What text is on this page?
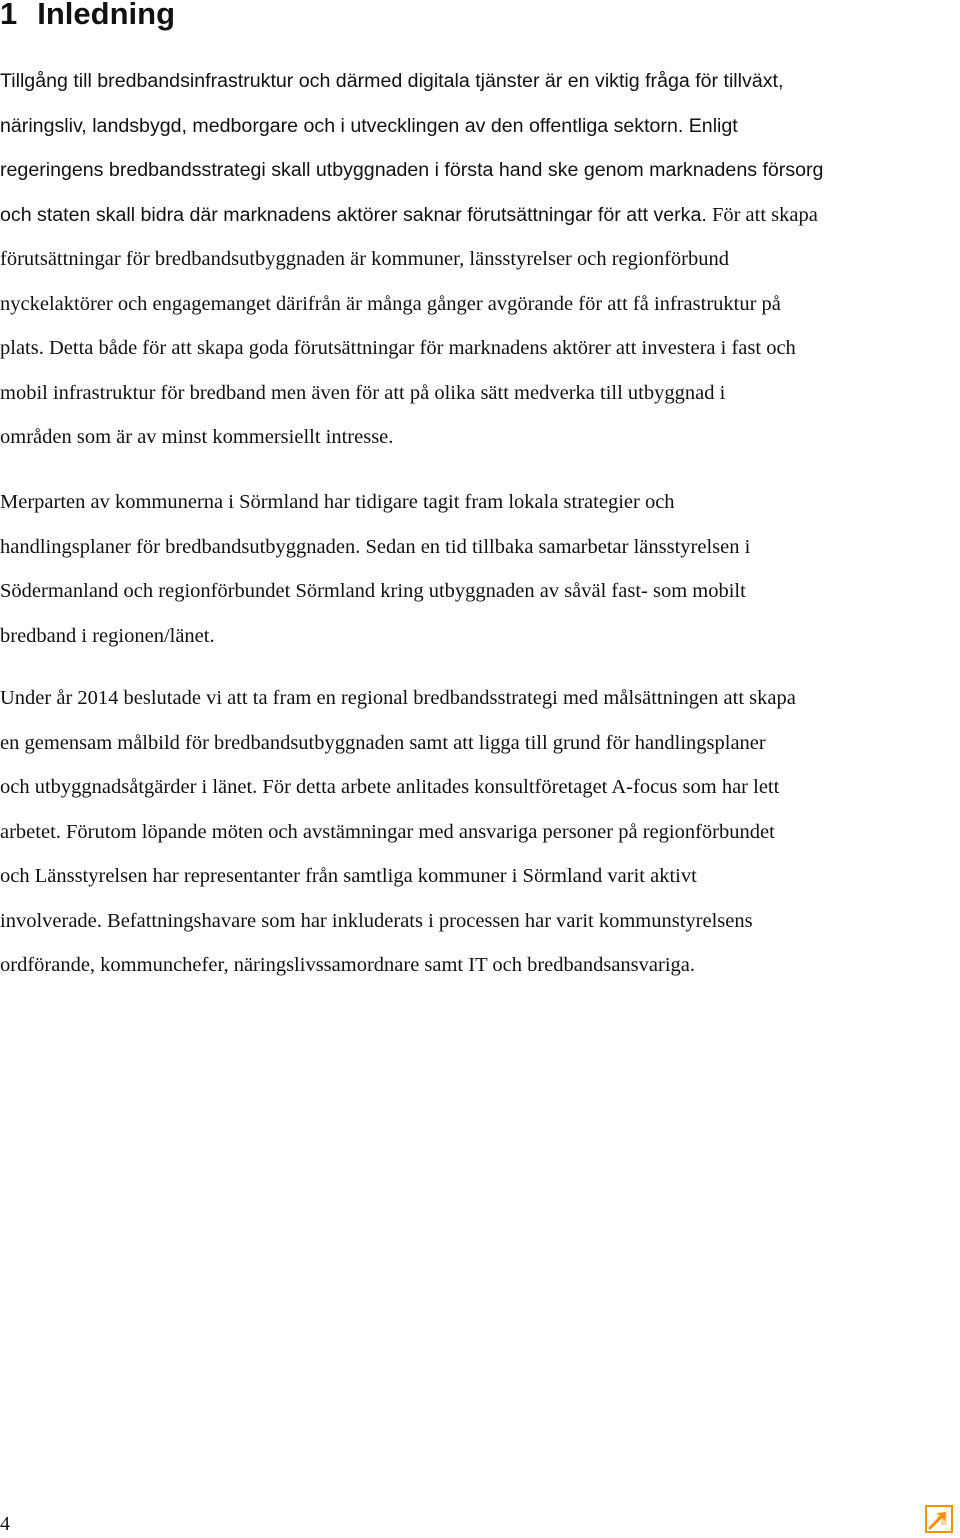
1 Inledning
Tillgång till bredbandsinfrastruktur och därmed digitala tjänster är en viktig fråga för tillväxt,
näringsliv, landsbygd, medborgare och i utvecklingen av den offentliga sektorn. Enligt
regeringens bredbandsstrategi skall utbyggnaden i första hand ske genom marknadens försorg
och staten skall bidra där marknadens aktörer saknar förutsättningar för att verka. För att skapa
förutsättningar för bredbandsutbyggnaden är kommuner, länsstyrelser och regionförbund
nyckelaktörer och engagemanget därifrån är många gånger avgörande för att få infrastruktur på
plats. Detta både för att skapa goda förutsättningar för marknadens aktörer att investera i fast och
mobil infrastruktur för bredband men även för att på olika sätt medverka till utbyggnad i
områden som är av minst kommersiellt intresse.
Merparten av kommunerna i Sörmland har tidigare tagit fram lokala strategier och
handlingsplaner för bredbandsutbyggnaden. Sedan en tid tillbaka samarbetar länsstyrelsen i
Södermanland och regionförbundet Sörmland kring utbyggnaden av såväl fast- som mobilt
bredband i regionen/länet.
Under år 2014 beslutade vi att ta fram en regional bredbandsstrategi med målsättningen att skapa
en gemensam målbild för bredbandsutbyggnaden samt att ligga till grund för handlingsplaner
och utbyggnadsåtgärder i länet. För detta arbete anlitades konsultföretaget A-focus som har lett
arbetet. Förutom löpande möten och avstämningar med ansvariga personer på regionförbundet
och Länsstyrelsen har representanter från samtliga kommuner i Sörmland varit aktivt
involverade. Befattningshavare som har inkluderats i processen har varit kommunstyrelsens
ordförande, kommunchefer, näringslivssamordnare samt IT och bredbandsansvariga.
4
